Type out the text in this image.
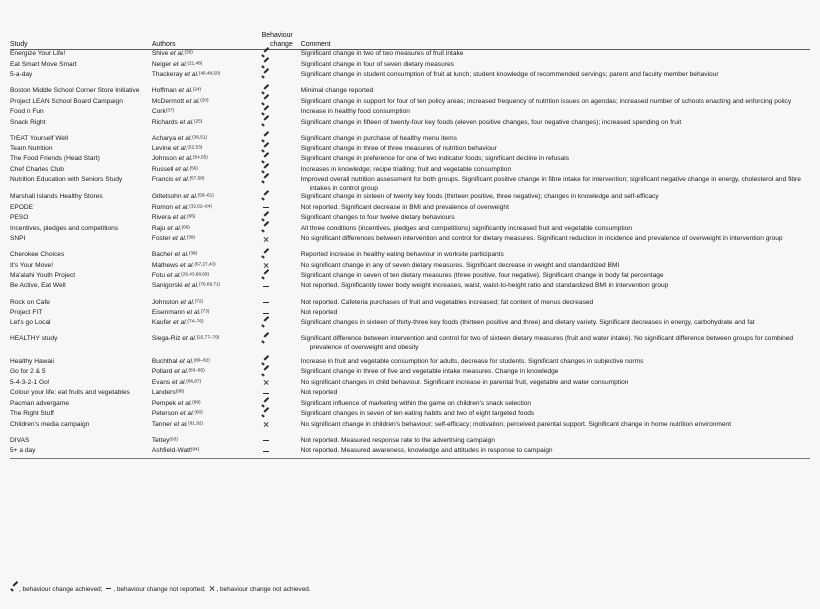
		Behaviour	
Study	Authors	change	Comment

Energize Your Life!	Shive et al.$^{(35)}$		Significant change in two of two measures of fruit intake

Eat Smart Move Smart	Neiger et al.$^{(21,48)}$		Significant change in four of seven dietary measures

5-a-day	Thackeray et al.$^{(49,48,50)}$		Significant change in student consumption of fruit at lunch; student knowledge of recommended servings; parent and faculty member behaviour

Boston Middle School Corner Store Initiative	Hoffman et al.$^{(24)}$		Minimal change reported

Project LEAN School Board Campaign	McDermott et al.$^{(20)}$		Significant change in support for four of ten policy areas; increased frequency of nutrition issues on agendas; increased number of schools enacting and enforcing policy

Food n Fun	Cork$^{(37)}$		Increase in healthy food consumption

Snack Right	Richards et al.$^{(25)}$		Significant change in fifteen of twenty-four key foods (eleven positive changes, four negative changes); increased spending on fruit

TrEAT Yourself Well	Acharya et al.$^{(36,51)}$		Significant change in purchase of healthy menu items

Team Nutrition	Levine et al.$^{(52,53)}$		Significant change in three of three measures of nutrition behaviour

The Food Friends (Head Start)	Johnson et al.$^{(54,55)}$		Significant change in preference for one of two indicator foods; significant decline in refusals

Chef Charles Club	Russell et al.$^{(56)}$		Increases in knowledge; recipe trialling; fruit and vegetable consumption

Nutrition Education with Seniors Study	Francis et al.$^{(57,58)}$		Improved overall nutrition assessment for both groups. Significant positive change in fibre intake for intervention; significant negative change in energy, cholesterol and fibre intakes in control group

Marshall Islands Healthy Stores	Gittelsohn et al.$^{(59-61)}$		Significant change in sixteen of twenty key foods (thirteen positive, three negative); changes in knowledge and self-efficacy

EPODE	Romon et al.$^{(32,62-64)}$		Not reported. Significant decrease in BMI and prevalence of overweight

PESO	Rivera et al.$^{(65)}$		Significant changes to four twelve dietary behaviours

Incentives, pledges and competitions	Raju et al.$^{(66)}$		All three conditions (incentives, pledges and competitions) significantly increased fruit and vegetable consumption

SNPI	Foster et al.$^{(39)}$		No significant differences between intervention and control for dietary measures. Significant reduction in incidence and prevalence of overweight in intervention group

Cherokee Choices	Bacher et al.$^{(38)}$		Reported increase in healthy eating behaviour in worksite participants

It's Your Move!	Mathews et al.$^{(67,27,43)}$		No significant change in any of seven dietary measures. Significant decrease in weight and standardized BMI

Ma'alahi Youth Project	Fotu et al.$^{(26,43,68,69)}$		Significant change in seven of ten dietary measures (three positive, four negative). Significant change in body fat percentage

Be Active, Eat Well	Sanigorski et al.$^{(70,69,71)}$		Not reported. Significantly lower body weight increases, waist, waist-to-height ratio and standardized BMI in intervention group

Rock on Cafe	Johnston et al.$^{(72)}$		Not reported. Cafeteria purchases of fruit and vegetables increased; fat content of menus decreased

Project FIT	Eisenmann et al.$^{(73)}$		Not reported

Let's go Local	Kaufer et al.$^{(74-76)}$		Significant changes in sixteen of thirty-three key foods (thirteen positive and three) and dietary variety. Significant decreases in energy, carbohydrate and fat

HEALTHY study	Siega-Riz et al.$^{(22,77-79)}$		Significant difference between intervention and control for two of sixteen dietary measures (fruit and water intake). No significant difference between groups for combined prevalence of overweight and obesity

Healthy Hawaii	Buchthal et al.$^{(80-82)}$		Increase in fruit and vegetable consumption for adults, decrease for students. Significant changes in subjective norms

Go for 2 & 5	Pollard et al.$^{(83-85)}$		Significant change in three of five and vegetable intake measures. Change in knowledge

5-4-3-2-1 Go!	Evans et al.$^{(86,87)}$		No significant changes in child behaviour. Significant increase in parental fruit, vegetable and water consumption

Colour your life: eat fruits and vegetables	Landers$^{(88)}$		Not reported

Pacman advergame	Pempek et al.$^{(89)}$		Significant influence of marketing within the game on children's snack selection

The Right Stuff	Peterson et al.$^{(90)}$		Significant changes in seven of ten eating habits and two of eight targeted foods

Children's media campaign	Tanner et al.$^{(91,92)}$		No significant change in children's behaviour; self-efficacy; motivation; perceived parental support. Significant change in home nutrition environment

DIVAS	Tettey$^{(93)}$		Not reported. Measured response rate to the advertising campaign

5+ a day	Ashfield-Watt$^{(94)}$		Not reported. Measured awareness, knowledge and attitudes in response to campaign

, behaviour change achieved; , behaviour change not reported; , behaviour change not achieved.
